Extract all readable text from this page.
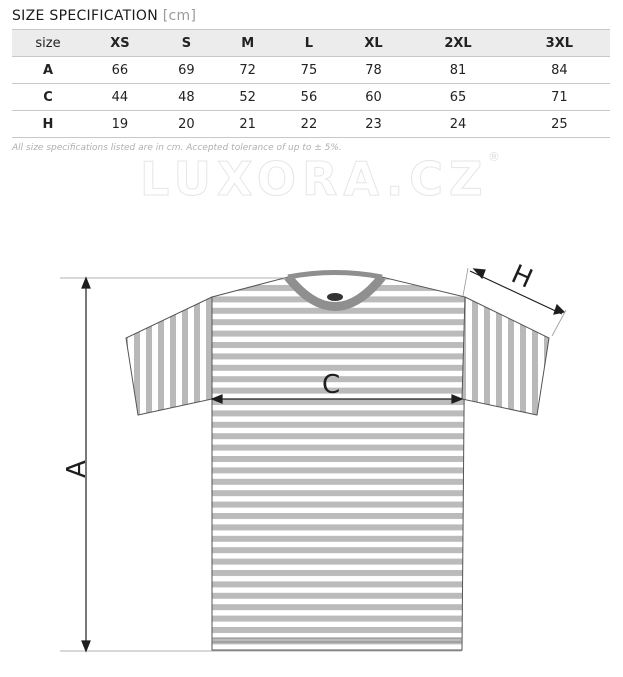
SIZE SPECIFICATION [cm]
size	XS	S	M	L	XL	2XL	3XL
A	66	69	72	75	78	81	84
C	44	48	52	56	60	65	71
H	19	20	21	22	23	24	25
All size specifications listed are in cm. Accepted tolerance of up to ± 5%.
LUXORA.CZ ®
A
C
H
